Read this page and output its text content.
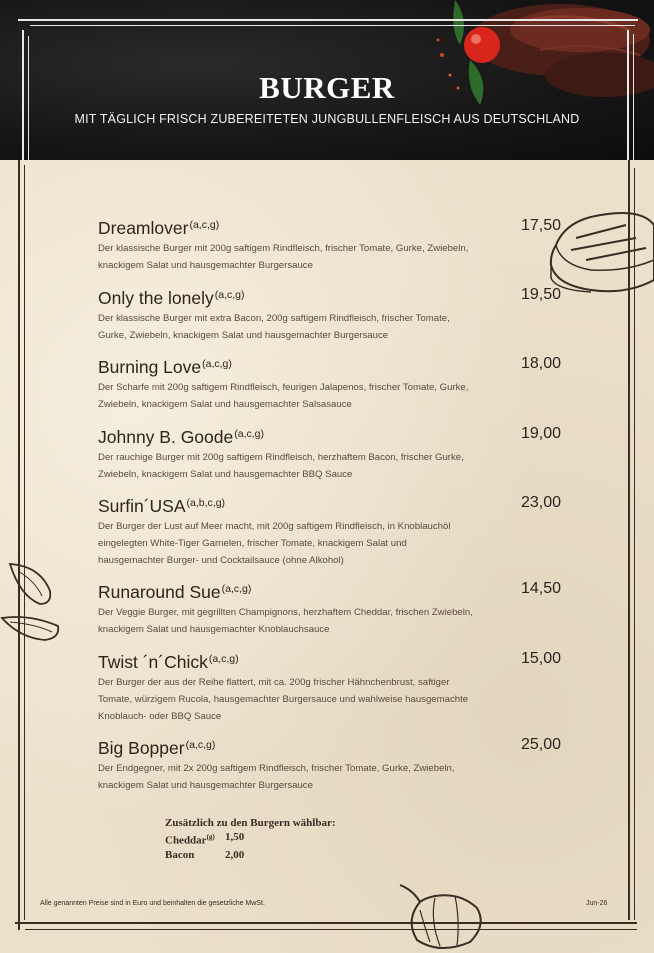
BURGER
MIT TÄGLICH FRISCH ZUBEREITETEN JUNGBULLENFLEISCH AUS DEUTSCHLAND
Dreamlover$^{(a,c,g)}$
Der klassische Burger mit 200g saftigem Rindfleisch, frischer Tomate, Gurke, Zwiebeln, knackigem Salat und hausgemachter Burgersauce
17,50
Only the lonely$^{(a,c,g)}$
Der klassische Burger mit extra Bacon, 200g saftigem Rindfleisch, frischer Tomate, Gurke, Zwiebeln, knackigem Salat und hausgemachter Burgersauce
19,50
Burning Love$^{(a,c,g)}$
Der Scharfe mit 200g saftigem Rindfleisch, feurigen Jalapenos, frischer Tomate, Gurke, Zwiebeln, knackigem Salat und hausgemachter Salsasauce
18,00
Johnny B. Goode$^{(a,c,g)}$
Der rauchige Burger mit 200g saftigem Rindfleisch, herzhaftem Bacon, frischer Gurke, Zwiebeln, knackigem Salat und hausgemachter BBQ Sauce
19,00
Surfin´USA$^{(a,b,c,g)}$
Der Burger der Lust auf Meer macht, mit 200g saftigem Rindfleisch, in Knoblauchöl eingelegten White-Tiger Garnelen, frischer Tomate, knackigem Salat und hausgemachter Burger- und Cocktailsauce (ohne Alkohol)
23,00
Runaround Sue$^{(a,c,g)}$
Der Veggie Burger, mit gegrillten Champignons, herzhaftem Cheddar, frischen Zwiebeln, knackigem Salat und hausgemachter Knoblauchsauce
14,50
Twist ´n´Chick$^{(a,c,g)}$
Der Burger der aus der Reihe flattert, mit ca. 200g frischer Hähnchenbrust, saftiger Tomate, würzigem Rucola, hausgemachter Burgersauce und wahlweise hausgemachte Knoblauch- oder BBQ Sauce
15,00
Big Bopper$^{(a,c,g)}$
Der Endgegner, mit 2x 200g saftigem Rindfleisch, frischer Tomate, Gurke, Zwiebeln, knackigem Salat und hausgemachter Burgersauce
25,00
Zusätzlich zu den Burgern wählbar:
Cheddar$^{(g)}$ 1,50
Bacon	2,00
Alle genannten Preise sind in Euro und beinhalten die gesetzliche MwSt.	Jun-26
